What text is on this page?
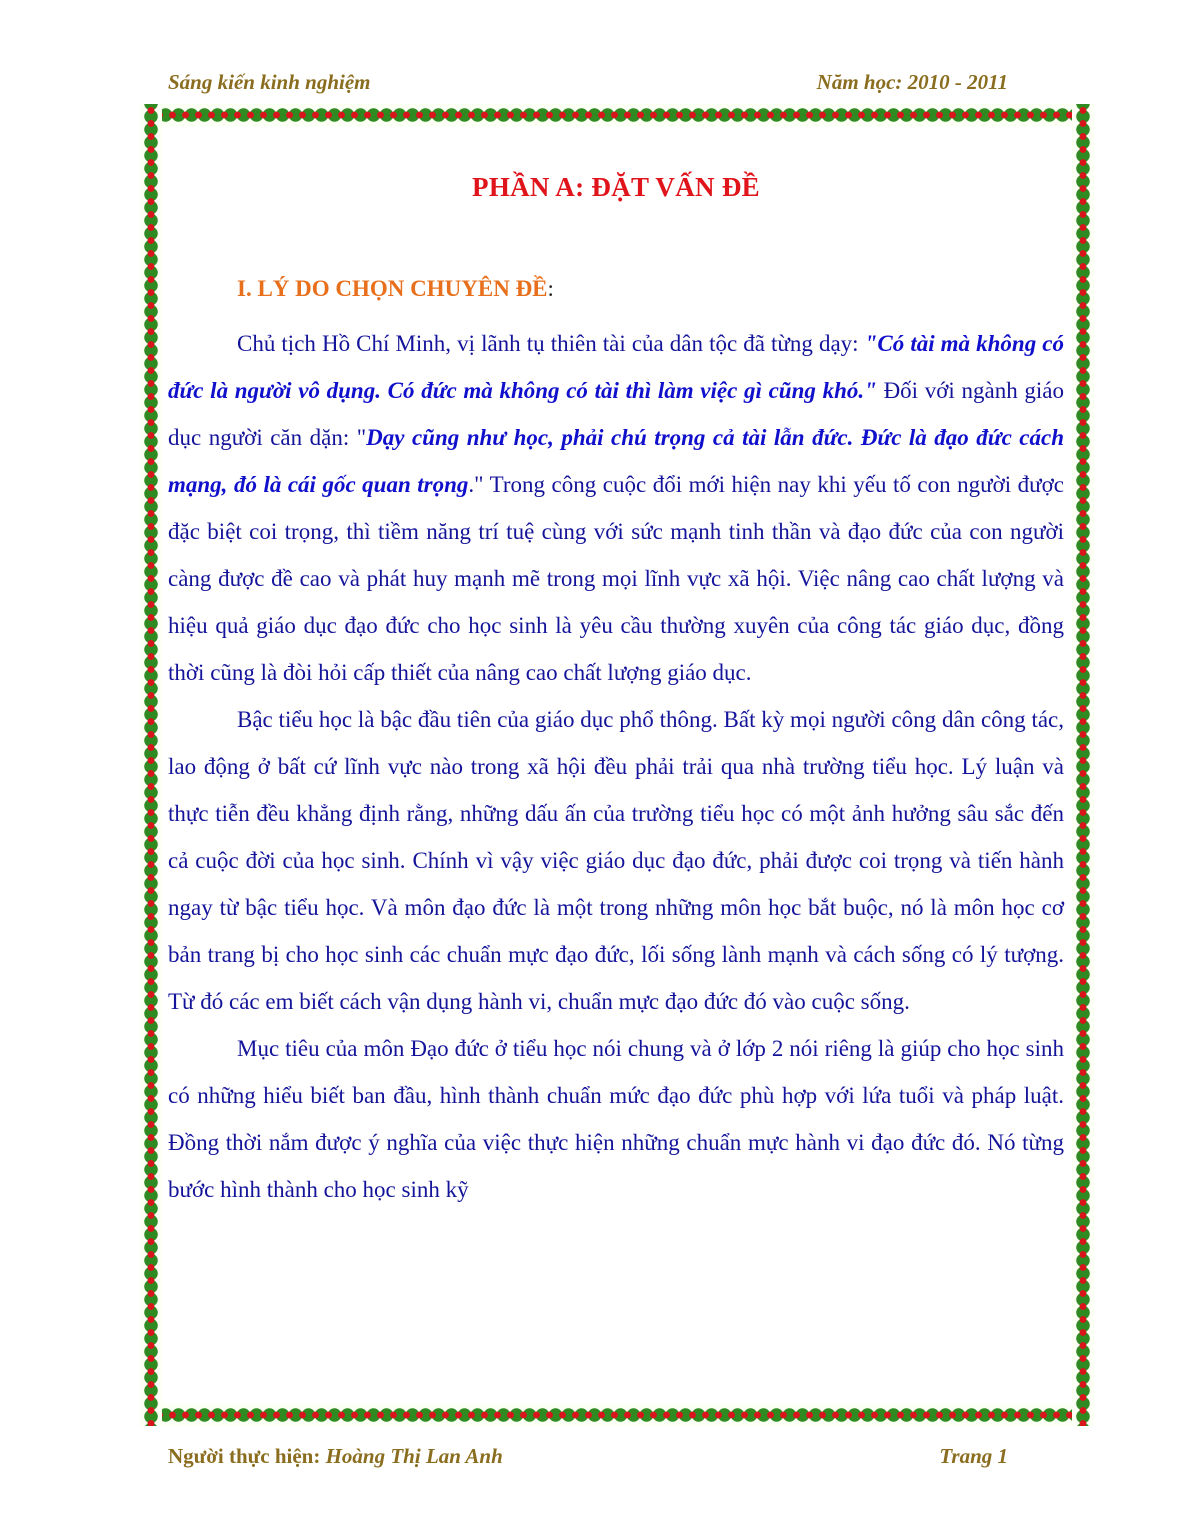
Sáng kiến kinh nghiệm	Năm học: 2010 - 2011
PHẦN A: ĐẶT VẤN ĐỀ
I. LÝ DO CHỌN CHUYÊN ĐỀ:

Chủ tịch Hồ Chí Minh, vị lãnh tụ thiên tài của dân tộc đã từng dạy: "Có tài mà không có đức là người vô dụng. Có đức mà không có tài thì làm việc gì cũng khó." Đối với ngành giáo dục người căn dặn: "Dạy cũng như học, phải chú trọng cả tài lẫn đức. Đức là đạo đức cách mạng, đó là cái gốc quan trọng." Trong công cuộc đổi mới hiện nay khi yếu tố con người được đặc biệt coi trọng, thì tiềm năng trí tuệ cùng với sức mạnh tinh thần và đạo đức của con người càng được đề cao và phát huy mạnh mẽ trong mọi lĩnh vực xã hội. Việc nâng cao chất lượng và hiệu quả giáo dục đạo đức cho học sinh là yêu cầu thường xuyên của công tác giáo dục, đồng thời cũng là đòi hỏi cấp thiết của nâng cao chất lượng giáo dục.

Bậc tiểu học là bậc đầu tiên của giáo dục phổ thông. Bất kỳ mọi người công dân công tác, lao động ở bất cứ lĩnh vực nào trong xã hội đều phải trải qua nhà trường tiểu học. Lý luận và thực tiễn đều khẳng định rằng, những dấu ấn của trường tiểu học có một ảnh hưởng sâu sắc đến cả cuộc đời của học sinh. Chính vì vậy việc giáo dục đạo đức, phải được coi trọng và tiến hành ngay từ bậc tiểu học. Và môn đạo đức là một trong những môn học bắt buộc, nó là môn học cơ bản trang bị cho học sinh các chuẩn mực đạo đức, lối sống lành mạnh và cách sống có lý tượng. Từ đó các em biết cách vận dụng hành vi, chuẩn mực đạo đức đó vào cuộc sống.

Mục tiêu của môn Đạo đức ở tiểu học nói chung và ở lớp 2 nói riêng là giúp cho học sinh có những hiểu biết ban đầu, hình thành chuẩn mức đạo đức phù hợp với lứa tuổi và pháp luật. Đồng thời nắm được ý nghĩa của việc thực hiện những chuẩn mực hành vi đạo đức đó. Nó từng bước hình thành cho học sinh kỹ

Người thực hiện: Hoàng Thị Lan Anh	Trang 1
